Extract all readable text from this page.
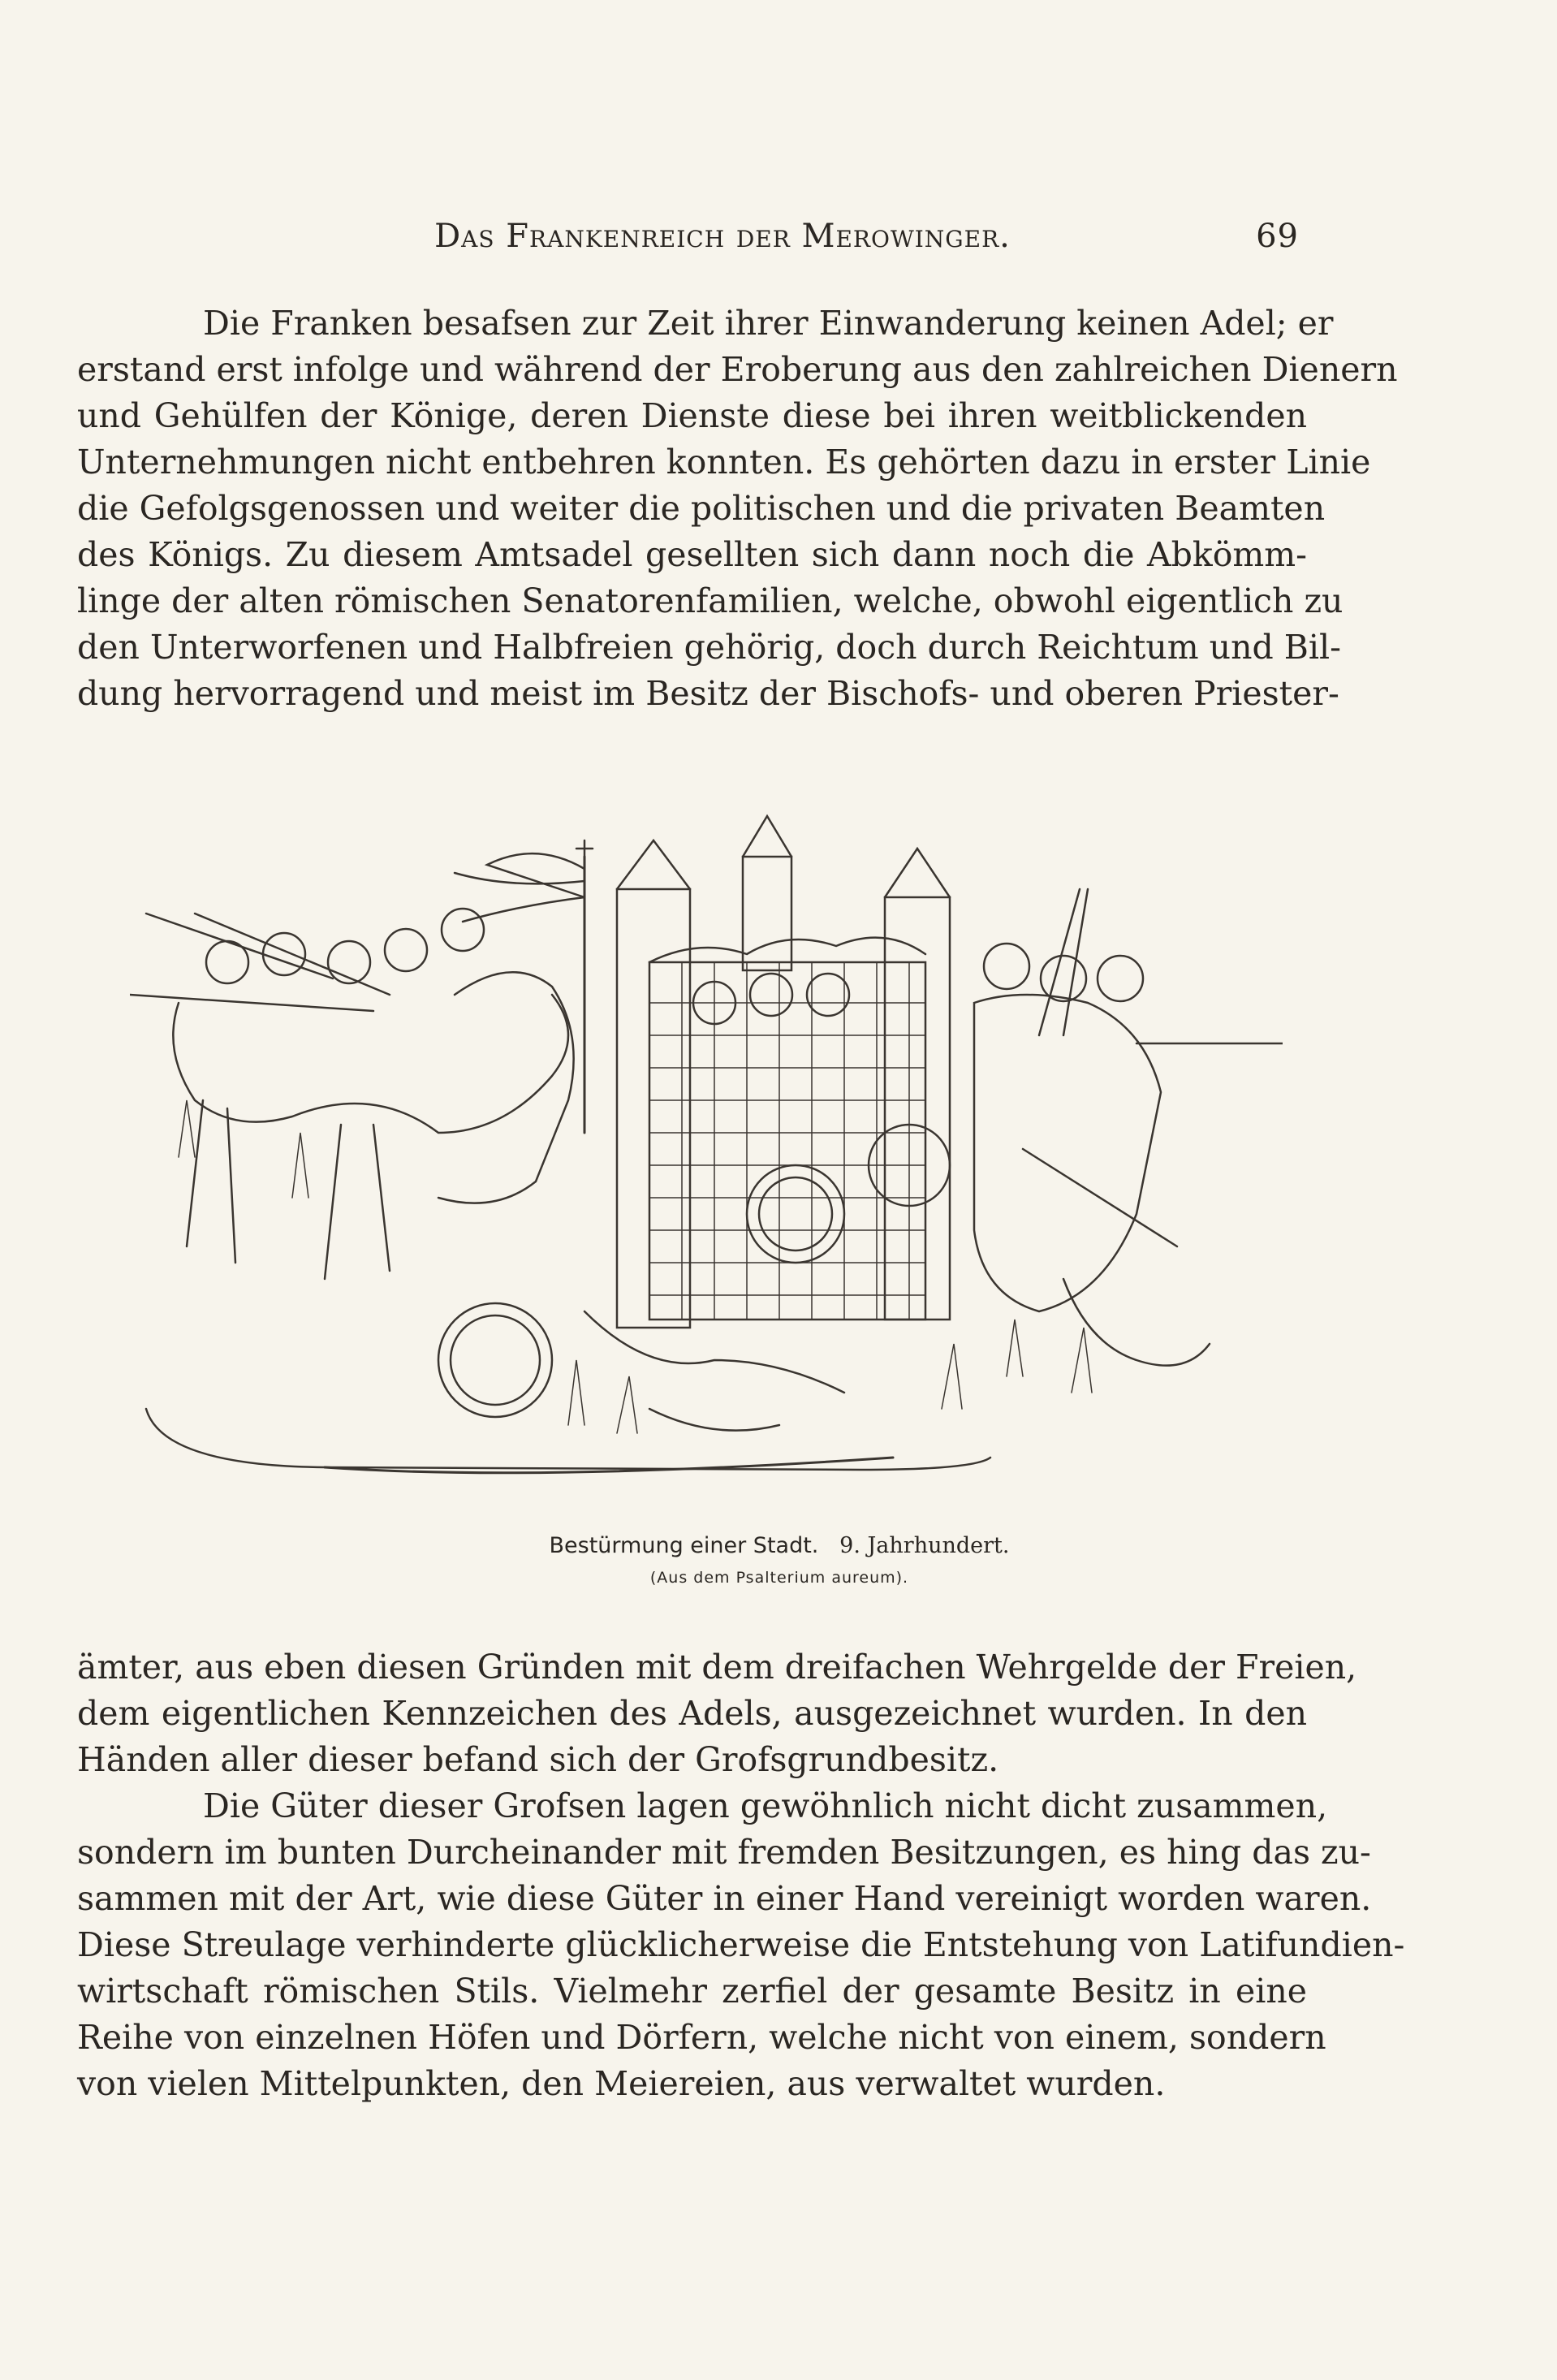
Das Frankenreich der Merowinger.	69
Die Franken besafsen zur Zeit ihrer Einwanderung keinen Adel; er
erstand erst infolge und während der Eroberung aus den zahlreichen Dienern
und Gehülfen der Könige, deren Dienste diese bei ihren weitblickenden
Unternehmungen nicht entbehren konnten. Es gehörten dazu in erster Linie
die Gefolgsgenossen und weiter die politischen und die privaten Beamten
des Königs. Zu diesem Amtsadel gesellten sich dann noch die Abkömm-
linge der alten römischen Senatorenfamilien, welche, obwohl eigentlich zu
den Unterworfenen und Halbfreien gehörig, doch durch Reichtum und Bil-
dung hervorragend und meist im Besitz der Bischofs- und oberen Priester-
Bestürmung einer Stadt. 9. Jahrhundert.
(Aus dem Psalterium aureum).
ämter, aus eben diesen Gründen mit dem dreifachen Wehrgelde der Freien,
dem eigentlichen Kennzeichen des Adels, ausgezeichnet wurden. In den
Händen aller dieser befand sich der Grofsgrundbesitz.
Die Güter dieser Grofsen lagen gewöhnlich nicht dicht zusammen,
sondern im bunten Durcheinander mit fremden Besitzungen, es hing das zu-
sammen mit der Art, wie diese Güter in einer Hand vereinigt worden waren.
Diese Streulage verhinderte glücklicherweise die Entstehung von Latifundien-
wirtschaft römischen Stils. Vielmehr zerfiel der gesamte Besitz in eine
Reihe von einzelnen Höfen und Dörfern, welche nicht von einem, sondern
von vielen Mittelpunkten, den Meiereien, aus verwaltet wurden.
